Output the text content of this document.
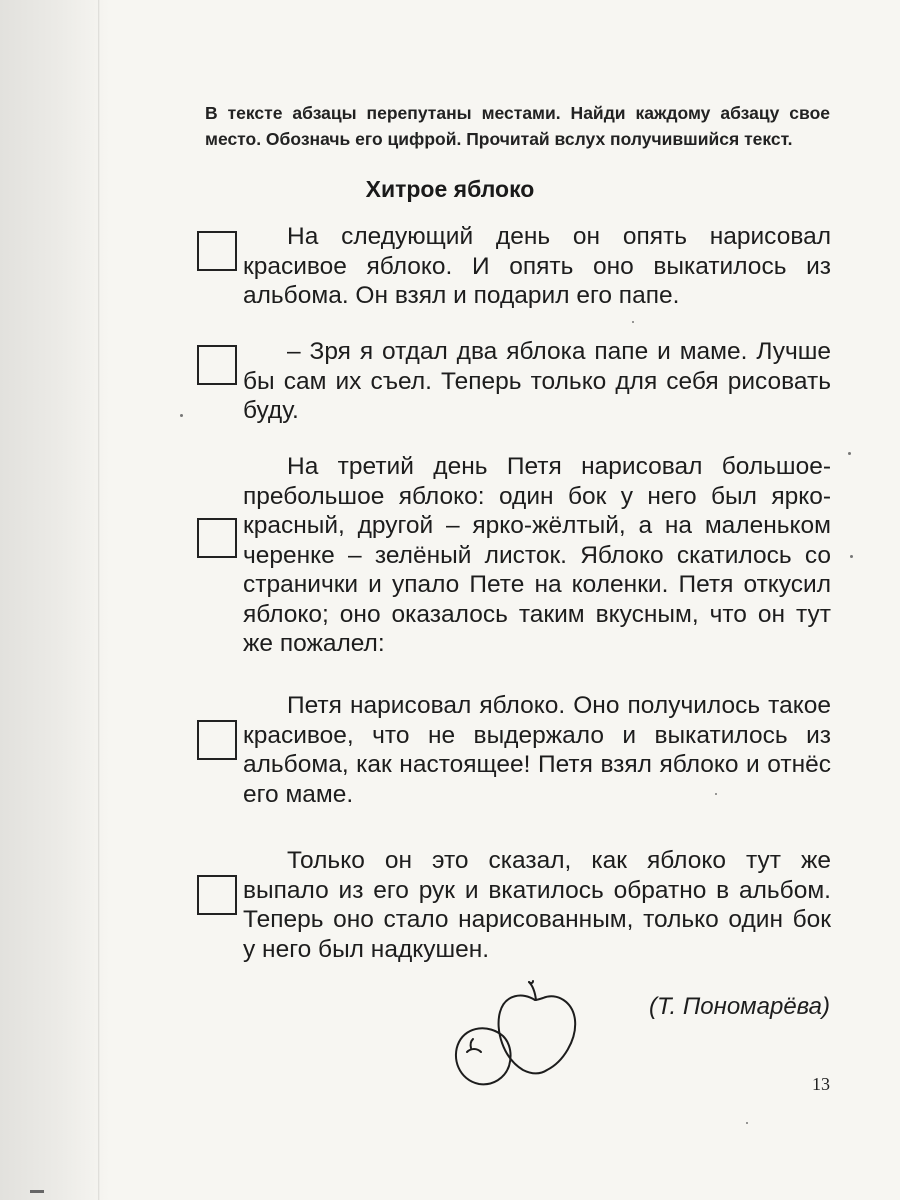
В тексте абзацы перепутаны местами. Найди каждому абзацу свое место. Обозначь его цифрой. Прочитай вслух получившийся текст.
Хитрое яблоко
На следующий день он опять нарисовал красивое яблоко. И опять оно выкатилось из альбома. Он взял и подарил его папе.
– Зря я отдал два яблока папе и маме. Лучше бы сам их съел. Теперь только для себя рисовать буду.
На третий день Петя нарисовал большое-пребольшое яблоко: один бок у него был ярко-красный, другой – ярко-жёлтый, а на маленьком черенке – зелёный листок. Яблоко скатилось со странички и упало Пете на коленки. Петя откусил яблоко; оно оказалось таким вкусным, что он тут же пожалел:
Петя нарисовал яблоко. Оно получилось такое красивое, что не выдержало и выкатилось из альбома, как настоящее! Петя взял яблоко и отнёс его маме.
Только он это сказал, как яблоко тут же выпало из его рук и вкатилось обратно в альбом. Теперь оно стало нарисованным, только один бок у него был надкушен.
(Т. Пономарёва)
13
